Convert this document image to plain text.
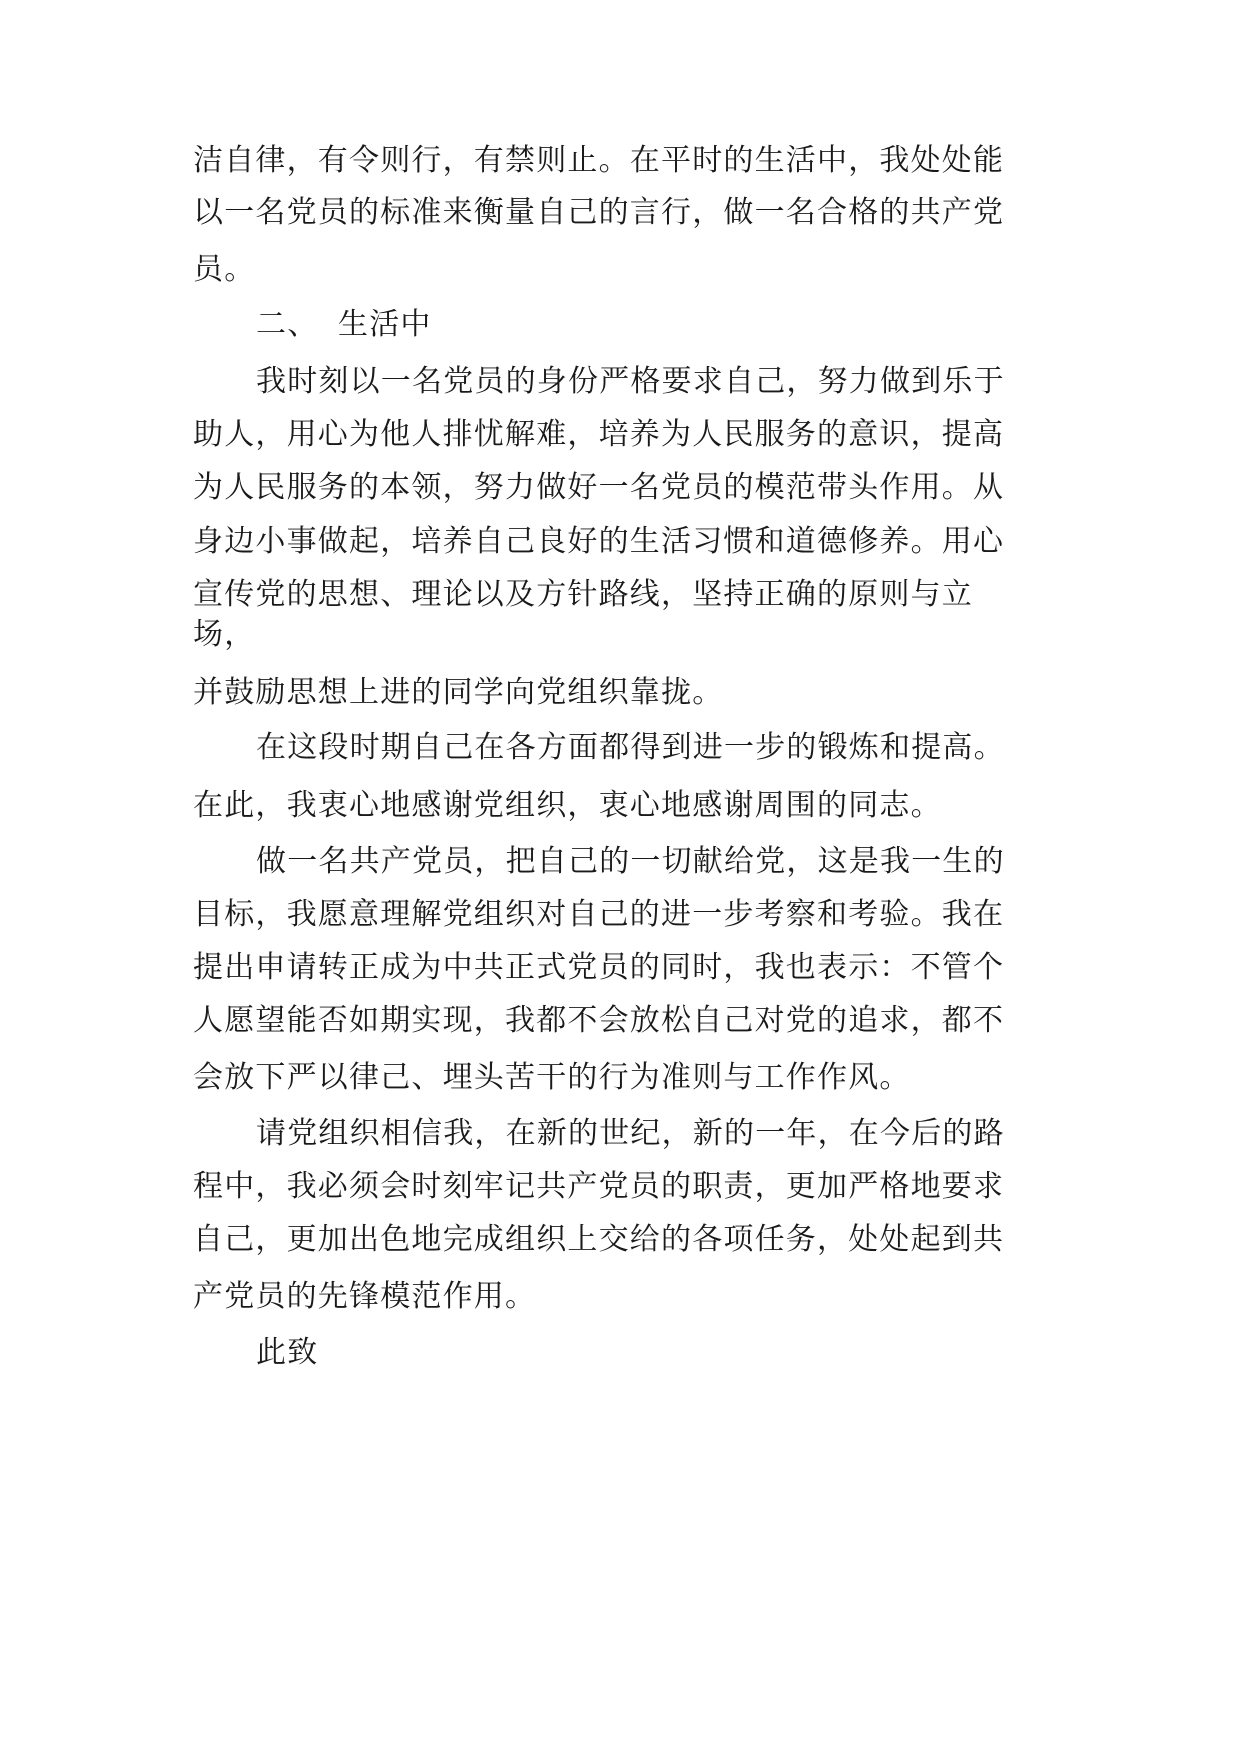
洁自律，有令则行，有禁则止。在平时的生活中，我处处能
以一名党员的标准来衡量自己的言行，做一名合格的共产党
员。
二、 生活中
我时刻以一名党员的身份严格要求自己，努力做到乐于
助人，用心为他人排忧解难，培养为人民服务的意识，提高
为人民服务的本领，努力做好一名党员的模范带头作用。从
身边小事做起，培养自己良好的生活习惯和道德修养。用心
宣传党的思想、理论以及方针路线，坚持正确的原则与立
场，
并鼓励思想上进的同学向党组织靠拢。
在这段时期自己在各方面都得到进一步的锻炼和提高。
在此，我衷心地感谢党组织，衷心地感谢周围的同志。
做一名共产党员，把自己的一切献给党，这是我一生的
目标，我愿意理解党组织对自己的进一步考察和考验。我在
提出申请转正成为中共正式党员的同时，我也表示：不管个
人愿望能否如期实现，我都不会放松自己对党的追求，都不
会放下严以律己、埋头苦干的行为准则与工作作风。
请党组织相信我，在新的世纪，新的一年，在今后的路
程中，我必须会时刻牢记共产党员的职责，更加严格地要求
自己，更加出色地完成组织上交给的各项任务，处处起到共
产党员的先锋模范作用。
此致
